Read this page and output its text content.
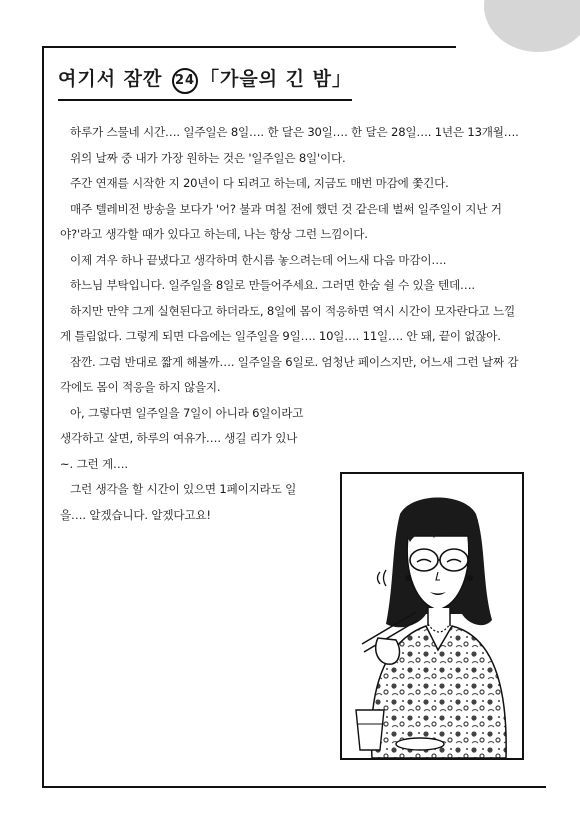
여기서 잠깐 24 「가을의 긴 밤」

하루가 스물네 시간…. 일주일은 8일…. 한 달은 30일…. 한 달은 28일…. 1년은 13개월….

위의 날짜 중 내가 가장 원하는 것은 '일주일은 8일'이다.

주간 연재를 시작한 지 20년이 다 되려고 하는데, 지금도 매번 마감에 쫓긴다.

매주 텔레비전 방송을 보다가 '어? 불과 며칠 전에 했던 것 같은데 벌써 일주일이 지난 거야?'라고 생각할 때가 있다고 하는데, 나는 항상 그런 느낌이다.

이제 겨우 하나 끝냈다고 생각하며 한시름 놓으려는데 어느새 다음 마감이….

하느님 부탁입니다. 일주일을 8일로 만들어주세요. 그러면 한숨 쉴 수 있을 텐데….

하지만 만약 그게 실현된다고 하더라도, 8일에 몸이 적응하면 역시 시간이 모자란다고 느낄 게 틀림없다. 그렇게 되면 다음에는 일주일을 9일…. 10일…. 11일…. 안 돼, 끝이 없잖아.

잠깐. 그럼 반대로 짧게 해볼까…. 일주일을 6일로. 엄청난 페이스지만, 어느새 그런 날짜 감각에도 몸이 적응을 하지 않을지.

아, 그렇다면 일주일을 7일이 아니라 6일이라고 생각하고 살면, 하루의 여유가…. 생길 리가 있나~. 그런 게….

그런 생각을 할 시간이 있으면 1페이지라도 일을…. 알겠습니다. 알겠다고요!
